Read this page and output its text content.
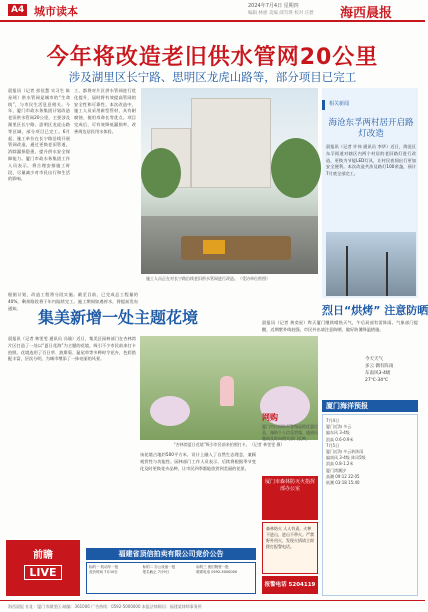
A4 城市读本	2024年7月4日 星期四
编辑 林惠 美编 邱雪瑛 校对 庄碧 海西晨报
今年将改造老旧供水管网20公里
涉及湖里区长宁路、思明区龙虎山路等，部分项目已完工
晨报讯（记者 彭佳慧 实习生 陈星瑶）供水管网是城市的“生命线”，与市民生活息息相关。今年，厦门市政水务集团计划改造老旧供水管网20公里，主要涉及湖里区长宁路、思明区龙虎山路等区域，部分项目已完工。6月起，施工单位在长宁路沿线开展管网改造，通过更换老旧管道，消除漏损隐患，提升供水安全保障能力。厦门市政水务集团工作人员表示，将合理安排施工时段，尽量减少对市民出行和生活的影响。
工，都将对片区供水管网进行优化提升，届时将有效提高管网的安全性和可靠性。本次改造中，施工人员采用新型管材，具有耐腐蚀、使用寿命长等优点。项目完成后，可有效降低漏损率，改善周边居民用水体验。
施工人员正在对长宁路沿线老旧供水管网进行改造。（受访单位供图）
根据计划，改造工程将分段实施。截至目前，已完成总工程量的40%，剩余路段将于年内陆续完工。施工期间如遇停水，将提前发布通知。
相关新闻
海沧东孚两村居开启路灯改造
晨报讯（记者 许伟 通讯员 李华）近日，海沧区东孚街道对辖区内两个村居的老旧路灯进行改造，更换为节能LED灯具，让村民夜间出行更加安全便利。本次改造共涉及路灯100余盏，预计7月底全部完工。
集美新增一处主题花境
晨报讯（记者 林雯雯 通讯员 冯瑜）近日，集美区园林部门在杏林湾片区打造了一处以“夏日花海”为主题的花境，吸引不少市民前来打卡拍照。花境选用了百日草、波斯菊、鼠尾草等多种时令花卉，色彩搭配丰富，层次分明，为城市增添了一抹亮丽的风景。
“杏林湾夏日花境”吸引市民前来拍照打卡。（记者 林雯雯 摄）
该花境占地约500平方米，设计上融入了自然生态理念，兼顾观赏性与功能性。园林部门工作人员表示，后续将根据季节变化及时更换花卉品种，让市民四季都能欣赏到美丽的花景。
烈日“烘烤” 注意防晒
晨报讯（记者 黄奕星）昨天厦门继续晴热天气，午后局部有雷阵雨。气象部门提醒，近期紫外线较强，市民外出请注意防晒，做好防暑降温措施。
今天天气
多云 偶有阵雨
东南风3-4级
27℃-34℃
厦门海洋预报
7月4日
厦门近海 多云
偏东风 3-4级
浪高 0.6-0.9米
7月5日
厦门近海 多云转阵雨
偏南风 3-4级 阵风5级
浪高 0.8-1.2米
厦门湾潮汐
高潮 09:12 22:05
低潮 03:18 15:40
网购
厦门市民网购须警惕虚假优惠信息，谨防个人信息泄露，遇到问题请及时向相关部门反映。
厦门市森林防灭火指挥部办公室
森林防火 人人有责。火种不进山，进山不带火。严禁野外用火，发现火情请立即拨打报警电话。
报警电话 5204119 110
前瞻
LIVE
福建省顶信拍卖有限公司竞价公告
标的一 机动车一批	标的二 办公设备一批	标的三 废旧物资一批 竞价时间 7月10日	报名截止 7月9日	联系电话 0592-5000000
海西晨报 社址：厦门市湖里区 邮编：361006 广告热线：0592-5000000 本报法律顾问：福建某律师事务所
